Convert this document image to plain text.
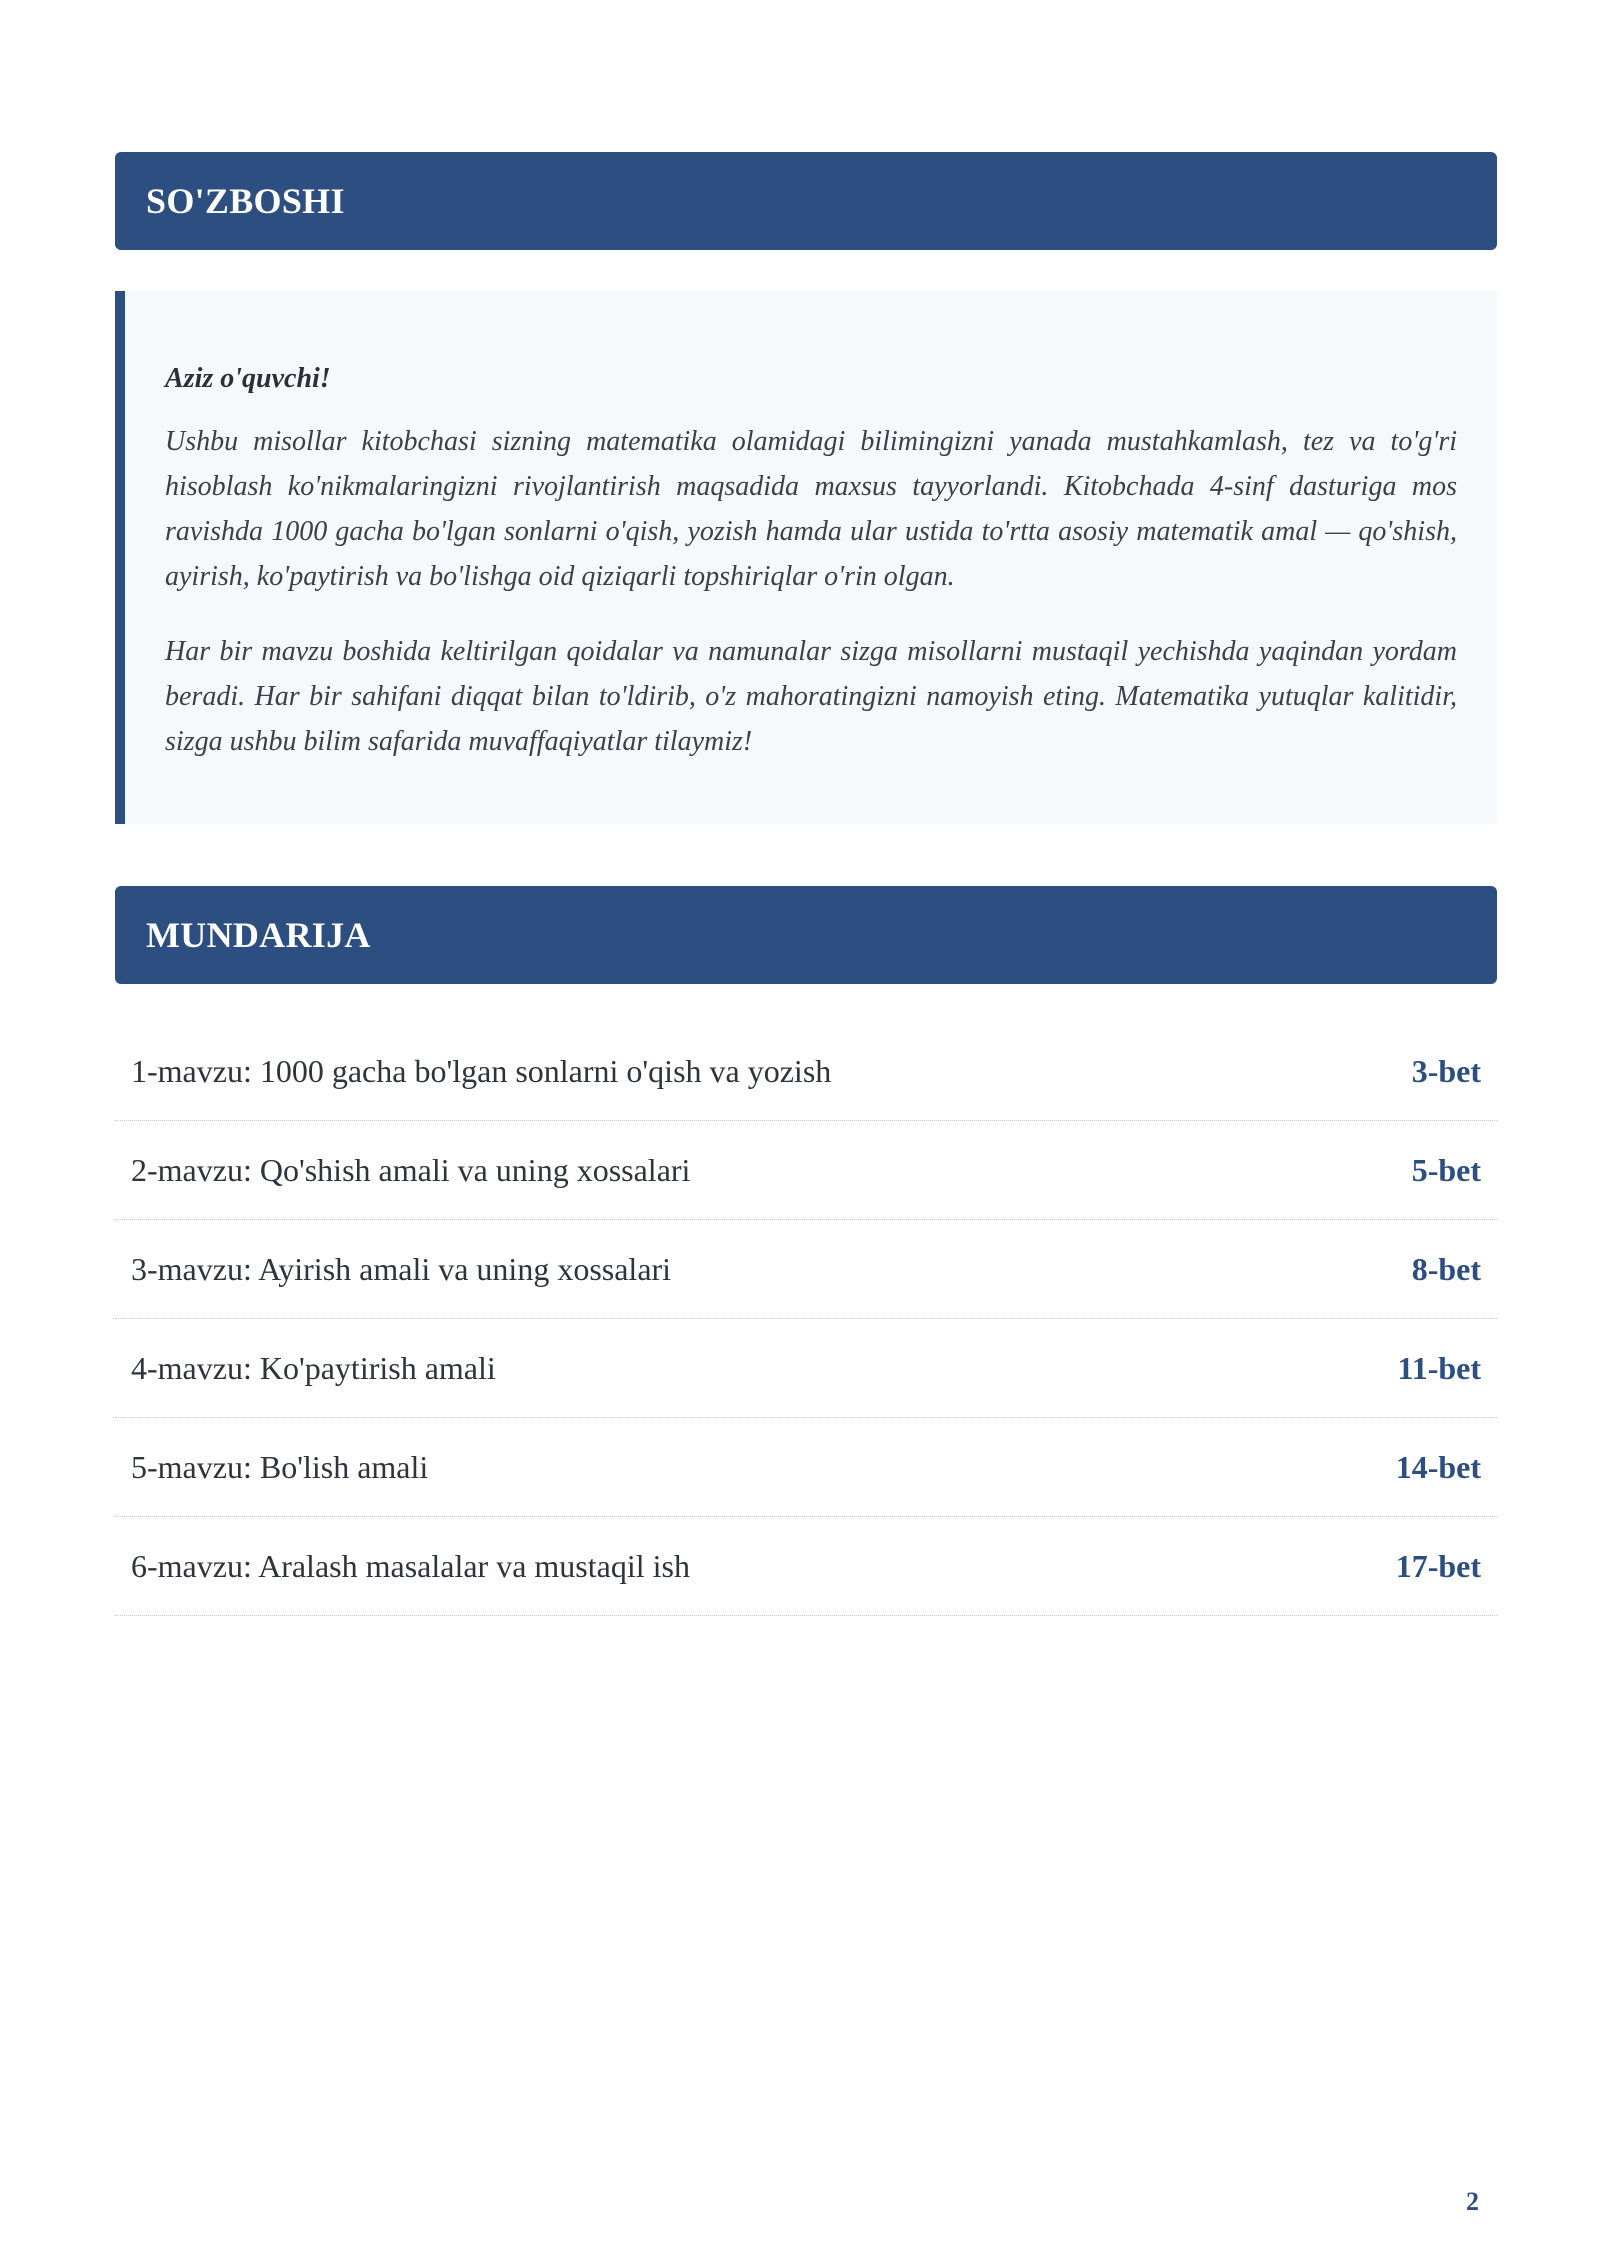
SO'ZBOSHI

Aziz o'quvchi!

Ushbu misollar kitobchasi sizning matematika olamidagi bilimingizni yanada mustahkamlash, tez va to'g'ri hisoblash ko'nikmalaringizni rivojlantirish maqsadida maxsus tayyorlandi. Kitobchada 4-sinf dasturiga mos ravishda 1000 gacha bo'lgan sonlarni o'qish, yozish hamda ular ustida to'rtta asosiy matematik amal — qo'shish, ayirish, ko'paytirish va bo'lishga oid qiziqarli topshiriqlar o'rin olgan.

Har bir mavzu boshida keltirilgan qoidalar va namunalar sizga misollarni mustaqil yechishda yaqindan yordam beradi. Har bir sahifani diqqat bilan to'ldirib, o'z mahoratingizni namoyish eting. Matematika yutuqlar kalitidir, sizga ushbu bilim safarida muvaffaqiyatlar tilaymiz!

MUNDARIJA
1-mavzu: 1000 gacha bo'lgan sonlarni o'qish va yozish	3-bet
2-mavzu: Qo'shish amali va uning xossalari	5-bet
3-mavzu: Ayirish amali va uning xossalari	8-bet
4-mavzu: Ko'paytirish amali	11-bet
5-mavzu: Bo'lish amali	14-bet
6-mavzu: Aralash masalalar va mustaqil ish	17-bet
2
